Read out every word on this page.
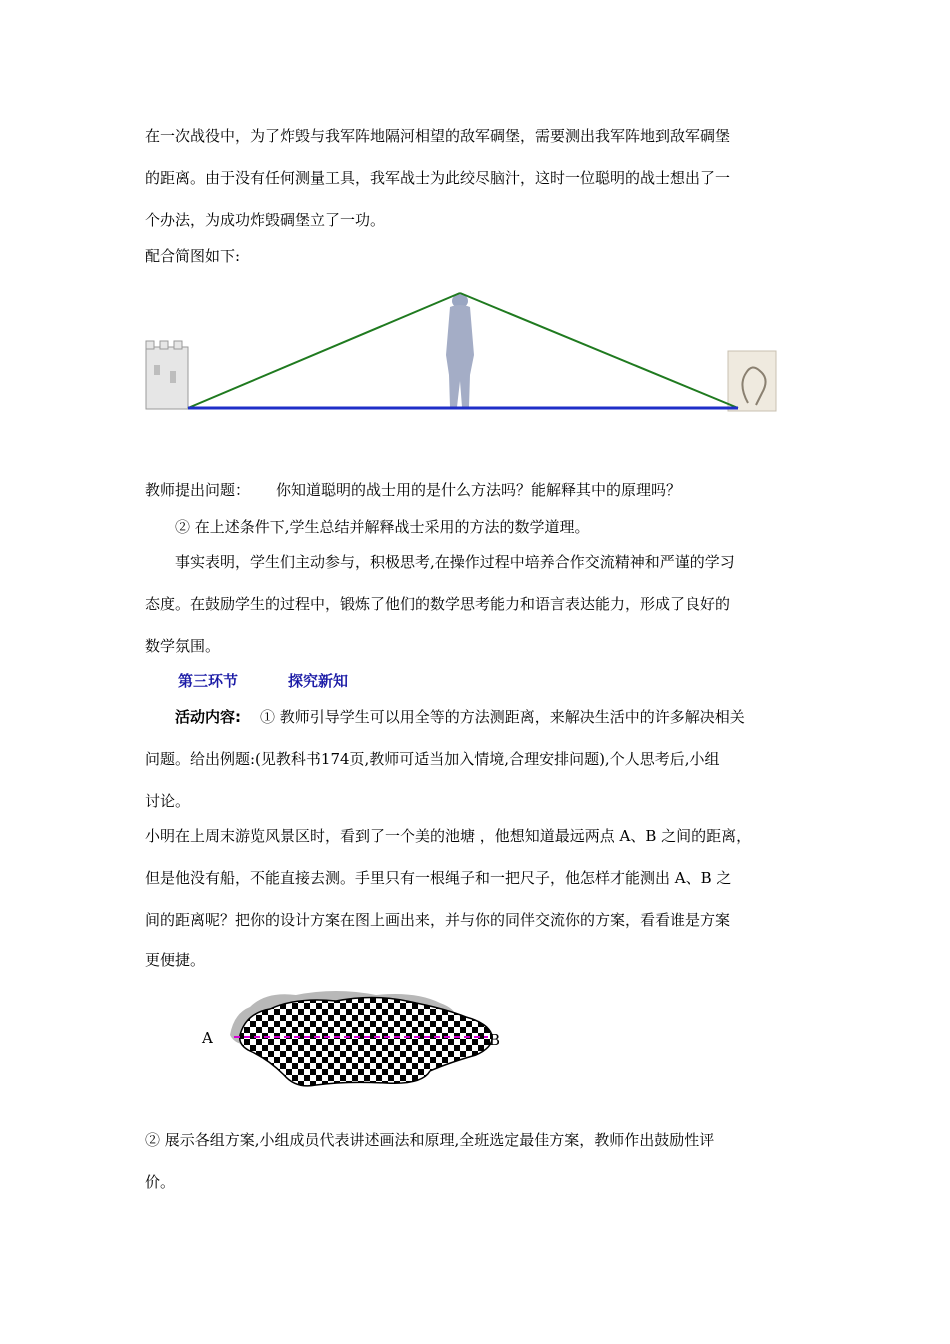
在一次战役中，为了炸毁与我军阵地隔河相望的敌军碉堡，需要测出我军阵地到敌军碉堡
的距离。由于没有任何测量工具，我军战士为此绞尽脑汁，这时一位聪明的战士想出了一
个办法，为成功炸毁碉堡立了一功。
配合简图如下:
教师提出问题： 你知道聪明的战士用的是什么方法吗？能解释其中的原理吗？
② 在上述条件下,学生总结并解释战士采用的方法的数学道理。
事实表明，学生们主动参与，积极思考,在操作过程中培养合作交流精神和严谨的学习
态度。在鼓励学生的过程中，锻炼了他们的数学思考能力和语言表达能力，形成了良好的
数学氛围。
第三环节	探究新知
活动内容: ① 教师引导学生可以用全等的方法测距离，来解决生活中的许多解决相关
问题。给出例题:(见教科书174页,教师可适当加入情境,合理安排问题),个人思考后,小组
讨论。
小明在上周末游览风景区时，看到了一个美的池塘 ，他想知道最远两点 A、B 之间的距离，
但是他没有船，不能直接去测。手里只有一根绳子和一把尺子，他怎样才能测出 A、B 之
间的距离呢？把你的设计方案在图上画出来，并与你的同伴交流你的方案，看看谁是方案
更便捷。
A	B
② 展示各组方案,小组成员代表讲述画法和原理,全班选定最佳方案，教师作出鼓励性评
价。
